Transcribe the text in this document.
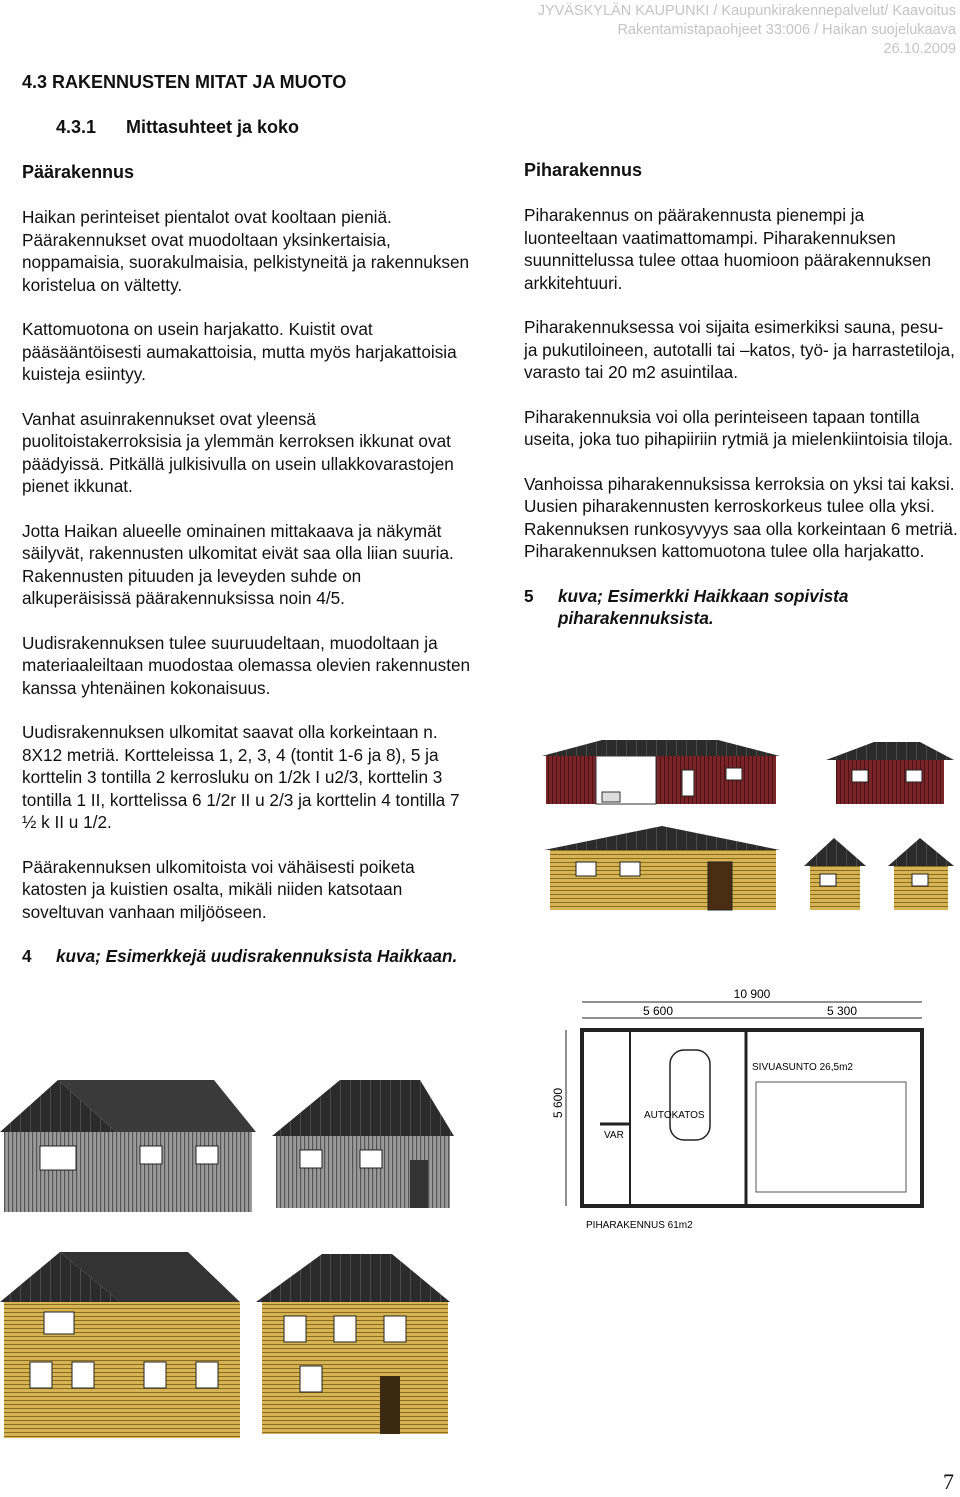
JYVÄSKYLÄN KAUPUNKI / Kaupunkirakennepalvelut/ Kaavoitus
Rakentamistapaohjeet 33:006 / Haikan suojelukaava
26.10.2009
4.3 RAKENNUSTEN MITAT JA MUOTO
4.3.1 Mittasuhteet ja koko
Päärakennus

Haikan perinteiset pientalot ovat kooltaan pieniä. Päärakennukset ovat muodoltaan yksinkertaisia, noppamaisia, suorakulmaisia, pelkistyneitä ja rakennuksen koristelua on vältetty.

Kattomuotona on usein harjakatto. Kuistit ovat pääsääntöisesti aumakattoisia, mutta myös harjakattoisia kuisteja esiintyy.

Vanhat asuinrakennukset ovat yleensä puolitoistakerroksisia ja ylemmän kerroksen ikkunat ovat päädyissä. Pitkällä julkisivulla on usein ullakkovarastojen pienet ikkunat.

Jotta Haikan alueelle ominainen mittakaava ja näkymät säilyvät, rakennusten ulkomitat eivät saa olla liian suuria. Rakennusten pituuden ja leveyden suhde on alkuperäisissä päärakennuksissa noin 4/5.

Uudisrakennuksen tulee suuruudeltaan, muodoltaan ja materiaaleiltaan muodostaa olemassa olevien rakennusten kanssa yhtenäinen kokonaisuus.

Uudisrakennuksen ulkomitat saavat olla korkeintaan n. 8X12 metriä. Kortteleissa 1, 2, 3, 4 (tontit 1-6 ja 8), 5 ja korttelin 3 tontilla 2 kerrosluku on 1/2k I u2/3, korttelin 3 tontilla 1 II, korttelissa 6 1/2r II u 2/3 ja korttelin 4 tontilla 7 ½ k II u 1/2.

Päärakennuksen ulkomitoista voi vähäisesti poiketa katosten ja kuistien osalta, mikäli niiden katsotaan soveltuvan vanhaan miljööseen.

4	kuva; Esimerkkejä uudisrakennuksista Haikkaan.
Piharakennus

Piharakennus on päärakennusta pienempi ja luonteeltaan vaatimattomampi. Piharakennuksen suunnittelussa tulee ottaa huomioon päärakennuksen arkkitehtuuri.

Piharakennuksessa voi sijaita esimerkiksi sauna, pesu- ja pukutiloineen, autotalli tai –katos, työ- ja harrastetiloja, varasto tai 20 m2 asuintilaa.

Piharakennuksia voi olla perinteiseen tapaan tontilla useita, joka tuo pihapiiriin rytmiä ja mielenkiintoisia tiloja.

Vanhoissa piharakennuksissa kerroksia on yksi tai kaksi. Uusien piharakennusten kerroskorkeus tulee olla yksi. Rakennuksen runkosyvyys saa olla korkeintaan 6 metriä. Piharakennuksen kattomuotona tulee olla harjakatto.

5	kuva; Esimerkki Haikkaan sopivista piharakennuksista.
10 900
5 600	5 300
5 600	AUTOKATOS
VAR
SIVUASUNTO 26,5m2
PIHARAKENNUS 61m2
7
